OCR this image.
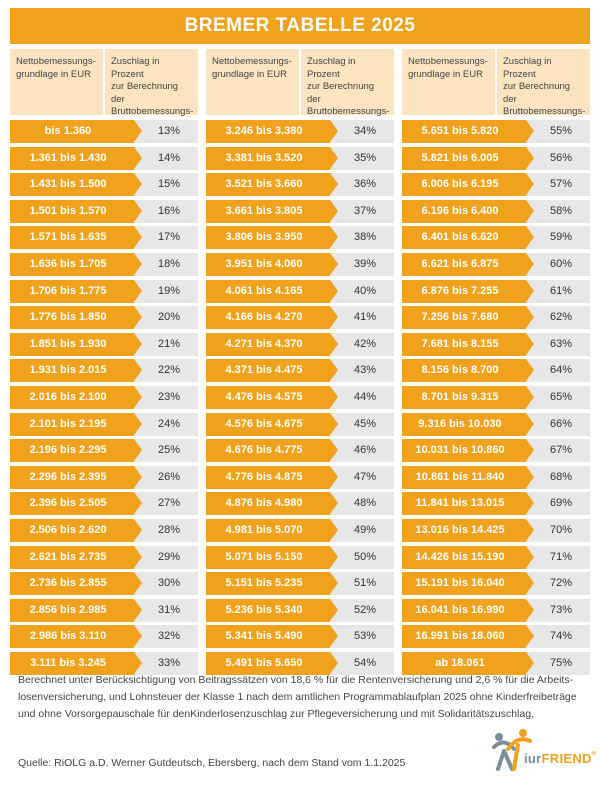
BREMER TABELLE 2025
Nettobemessungs-
grundlage in EUR
Zuschlag in Prozent
zur Berechnung der
Bruttobemessungs-

bis 1.360	13%
1.361 bis 1.430	14%
1.431 bis 1.500	15%
1.501 bis 1.570	16%
1.571 bis 1.635	17%
1.636 bis 1.705	18%
1.706 bis 1.775	19%
1.776 bis 1.850	20%
1.851 bis 1.930	21%
1.931 bis 2.015	22%
2.016 bis 2.100	23%
2.101 bis 2.195	24%
2.196 bis 2.295	25%
2.296 bis 2.395	26%
2.396 bis 2.505	27%
2.506 bis 2.620	28%
2.621 bis 2.735	29%
2.736 bis 2.855	30%
2.856 bis 2.985	31%
2.986 bis 3.110	32%
3.111 bis 3.245	33%
Nettobemessungs-
grundlage in EUR
Zuschlag in Prozent
zur Berechnung der
Bruttobemessungs-

3.246 bis 3.380	34%
3.381 bis 3.520	35%
3.521 bis 3.660	36%
3.661 bis 3.805	37%
3.806 bis 3.950	38%
3.951 bis 4.060	39%
4.061 bis 4.165	40%
4.166 bis 4.270	41%
4.271 bis 4.370	42%
4.371 bis 4.475	43%
4.476 bis 4.575	44%
4.576 bis 4.675	45%
4.676 bis 4.775	46%
4.776 bis 4.875	47%
4.876 bis 4.980	48%
4.981 bis 5.070	49%
5.071 bis 5.150	50%
5.151 bis 5.235	51%
5.236 bis 5.340	52%
5.341 bis 5.490	53%
5.491 bis 5.650	54%
Nettobemessungs-
grundlage in EUR
Zuschlag in Prozent
zur Berechnung der
Bruttobemessungs-

5.651 bis 5.820	55%
5.821 bis 6.005	56%
6.006 bis 6.195	57%
6.196 bis 6.400	58%
6.401 bis 6.620	59%
6.621 bis 6.875	60%
6.876 bis 7.255	61%
7.256 bis 7.680	62%
7.681 bis 8.155	63%
8.156 bis 8.700	64%
8.701 bis 9.315	65%
9.316 bis 10.030	66%
10.031 bis 10.860	67%
10.861 bis 11.840	68%
11.841 bis 13.015	69%
13.016 bis 14.425	70%
14.426 bis 15.190	71%
15.191 bis 16.040	72%
16.041 bis 16.990	73%
16.991 bis 18.060	74%
ab 18.061	75%
Berechnet unter Berücksichtigung von Beitragssätzen von 18,6 % für die Rentenversicherung und 2,6 % für die Arbeits-losenversicherung, und Lohnsteuer der Klasse 1 nach dem amtlichen Programmablaufplan 2025 ohne Kinderfreibeträge und ohne Vorsorgepauschale für denKinderlosenzuschlag zur Pflegeversicherung und mit Solidaritätszuschlag,
Quelle: RiOLG a.D. Werner Gutdeutsch, Ebersberg, nach dem Stand vom 1.1.2025	iurFRIEND®
